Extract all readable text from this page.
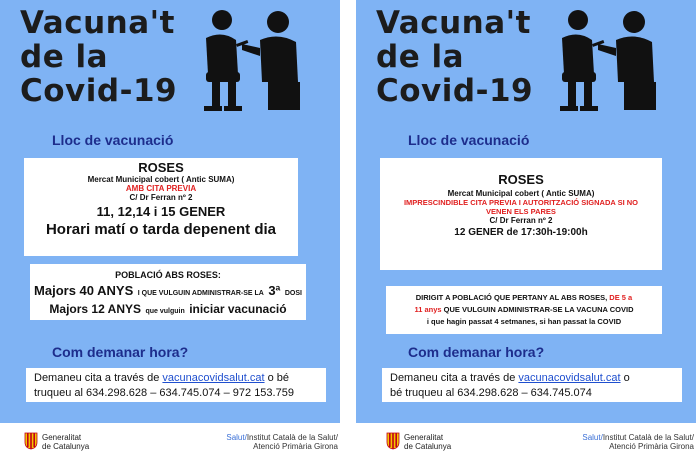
Vacuna't
de la
Covid-19
Lloc de vacunació
ROSES
Mercat Municipal cobert ( Antic SUMA)
AMB CITA PREVIA
C/ Dr Ferran nº 2
11, 12,14 i 15 GENER
Horari matí o tarda depenent dia
POBLACIÓ ABS ROSES:
Majors 40 ANYS I QUE VULGUIN ADMINISTRAR-SE LA 3ª DOSI
Majors 12 ANYS que vulguin iniciar vacunació
Com demanar hora?
Demaneu cita a través de vacunacovidsalut.cat o bé
truqueu al 634.298.628 – 634.745.074 – 972 153.759
Vacuna't
de la
Covid-19
Lloc de vacunació
ROSES
Mercat Municipal cobert ( Antic SUMA)
IMPRESCINDIBLE CITA PREVIA I AUTORITZACIÓ SIGNADA SI NO
VENEN ELS PARES
C/ Dr Ferran nº 2
12 GENER de 17:30h-19:00h
DIRIGIT A POBLACIÓ QUE PERTANY AL ABS ROSES, DE 5 a
11 anys QUE VULGUIN ADMINISTRAR-SE LA VACUNA COVID
i que hagin passat 4 setmanes, si han passat la COVID
Com demanar hora?
Demaneu cita a través de vacunacovidsalut.cat o
bé truqueu al 634.298.628 – 634.745.074
Generalitat
de Catalunya
Salut/Institut Català de la Salut/
Atenció Primària Girona
Generalitat
de Catalunya
Salut/Institut Català de la Salut/
Atenció Primària Girona
